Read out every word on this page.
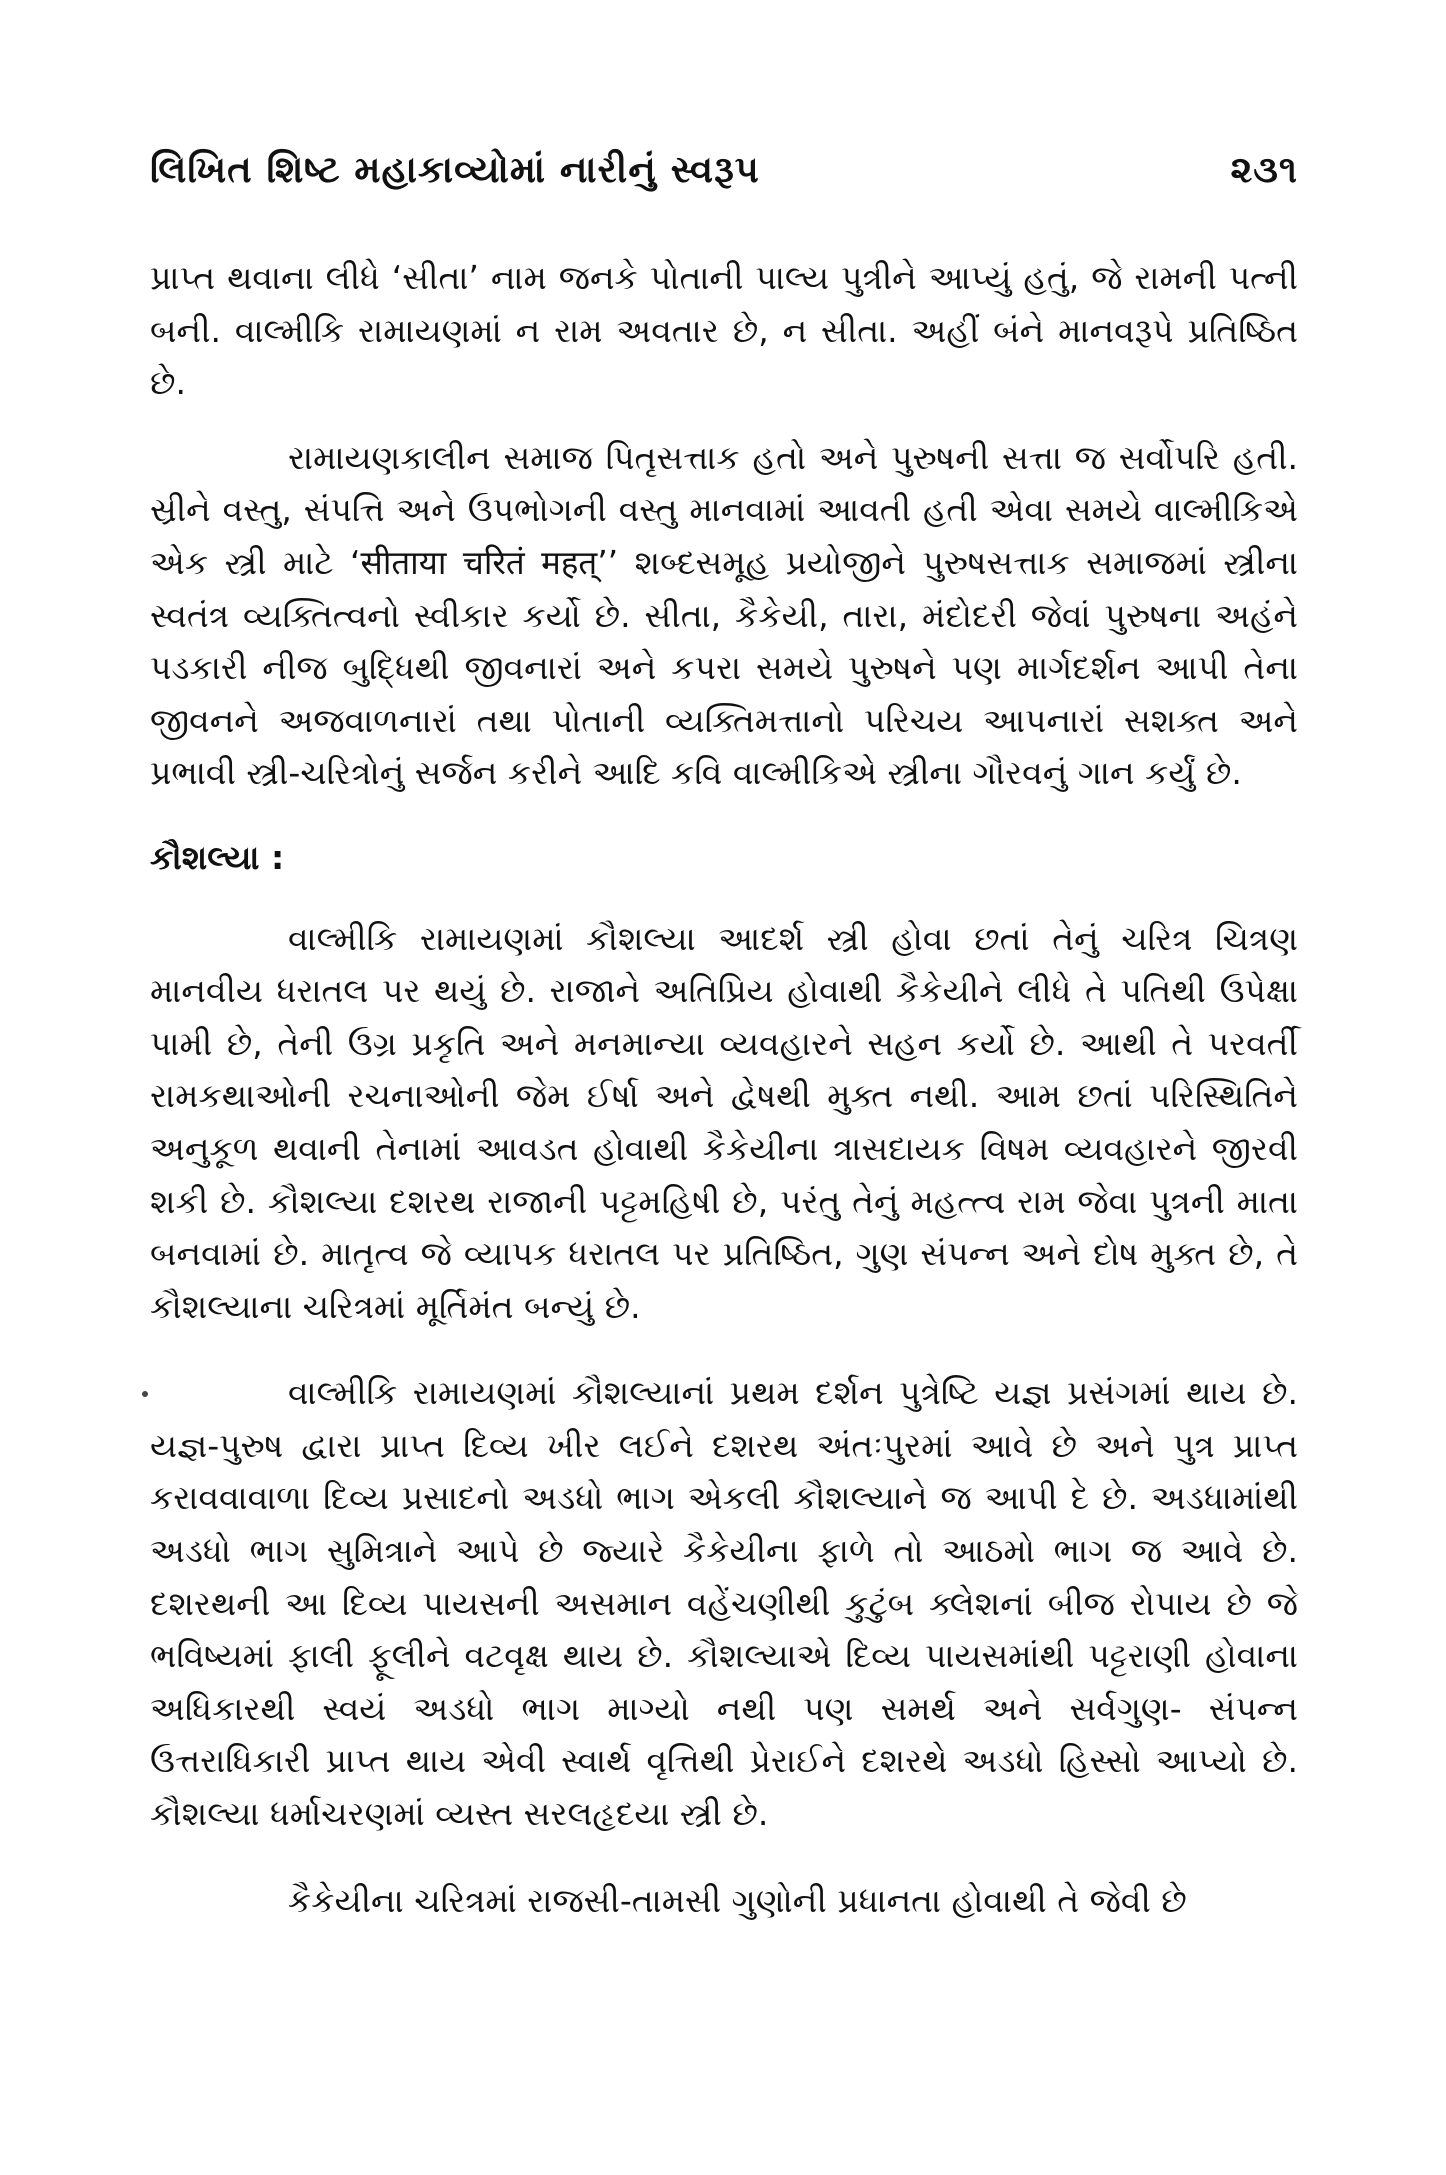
લિખિત શિષ્ટ મહાકાવ્યોમાં નારીનું સ્વરૂપ	૨૩૧

પ્રાપ્ત થવાના લીધે ‘સીતા’ નામ જનકે પોતાની પાલ્ય પુત્રીને આપ્યું હતું, જે રામની પત્ની બની. વાલ્મીકિ રામાયણમાં ન રામ અવતાર છે, ન સીતા. અહીં બંને માનવરૂપે પ્રતિષ્ઠિત છે.

રામાયણકાલીન સમાજ પિતૃસત્તાક હતો અને પુરુષની સત્તા જ સર્વોપરિ હતી. સ્રીને વસ્તુ, સંપત્તિ અને ઉપભોગની વસ્તુ માનવામાં આવતી હતી એવા સમયે વાલ્મીકિએ એક સ્ત્રી માટે ‘सीताया चरितं महत्’’ શબ્દસમૂહ પ્રયોજીને પુરુષસત્તાક સમાજમાં સ્ત્રીના સ્વતંત્ર વ્યક્તિત્વનો સ્વીકાર કર્યો છે. સીતા, કૈકેયી, તારા, મંદોદરી જેવાં પુરુષના અહંને પડકારી નીજ બુદ્ધિથી જીવનારાં અને કપરા સમયે પુરુષને પણ માર્ગદર્શન આપી તેના જીવનને અજવાળનારાં તથા પોતાની વ્યક્તિમત્તાનો પરિચય આપનારાં સશક્ત અને પ્રભાવી સ્ત્રી-ચરિત્રોનું સર્જન કરીને આદિ કવિ વાલ્મીકિએ સ્ત્રીના ગૌરવનું ગાન કર્યું છે.

કૌશલ્યા :

વાલ્મીકિ રામાયણમાં કૌશલ્યા આદર્શ સ્ત્રી હોવા છતાં તેનું ચરિત્ર ચિત્રણ માનવીય ધરાતલ પર થયું છે. રાજાને અતિપ્રિય હોવાથી કૈકેયીને લીધે તે પતિથી ઉપેક્ષા પામી છે, તેની ઉગ્ર પ્રકૃતિ અને મનમાન્યા વ્યવહારને સહન કર્યો છે. આથી તે પરવર્તી રામકથાઓની રચનાઓની જેમ ઈર્ષા અને દ્વેષથી મુક્ત નથી. આમ છતાં પરિસ્થિતિને અનુકૂળ થવાની તેનામાં આવડત હોવાથી કૈકેયીના ત્રાસદાયક વિષમ વ્યવહારને જીરવી શકી છે. કૌશલ્યા દશરથ રાજાની પટ્ટમહિષી છે, પરંતુ તેનું મહત્ત્વ રામ જેવા પુત્રની માતા બનવામાં છે. માતૃત્વ જે વ્યાપક ધરાતલ પર પ્રતિષ્ઠિત, ગુણ સંપન્ન અને દોષ મુક્ત છે, તે કૌશલ્યાના ચરિત્રમાં મૂર્તિમંત બન્યું છે.

વાલ્મીકિ રામાયણમાં કૌશલ્યાનાં પ્રથમ દર્શન પુત્રેષ્ટિ યજ્ઞ પ્રસંગમાં થાય છે. યજ્ઞ-પુરુષ દ્વારા પ્રાપ્ત દિવ્ય ખીર લઈને દશરથ અંતઃપુરમાં આવે છે અને પુત્ર પ્રાપ્ત કરાવવાવાળા દિવ્ય પ્રસાદનો અડધો ભાગ એકલી કૌશલ્યાને જ આપી દે છે. અડધામાંથી અડધો ભાગ સુમિત્રાને આપે છે જ્યારે કૈકેયીના ફાળે તો આઠમો ભાગ જ આવે છે. દશરથની આ દિવ્ય પાયસની અસમાન વહેંચણીથી કુટુંબ ક્લેશનાં બીજ રોપાય છે જે ભવિષ્યમાં ફાલી ફૂલીને વટવૃક્ષ થાય છે. કૌશલ્યાએ દિવ્ય પાયસમાંથી પટ્ટરાણી હોવાના અધિકારથી સ્વયં અડધો ભાગ માગ્યો નથી પણ સમર્થ અને સર્વગુણ- સંપન્ન ઉત્તરાધિકારી પ્રાપ્ત થાય એવી સ્વાર્થ વૃત્તિથી પ્રેરાઈને દશરથે અડધો હિસ્સો આપ્યો છે. કૌશલ્યા ધર્માચરણમાં વ્યસ્ત સરલહૃદયા સ્ત્રી છે.

કૈકેયીના ચરિત્રમાં રાજસી-તામસી ગુણોની પ્રધાનતા હોવાથી તે જેવી છે
